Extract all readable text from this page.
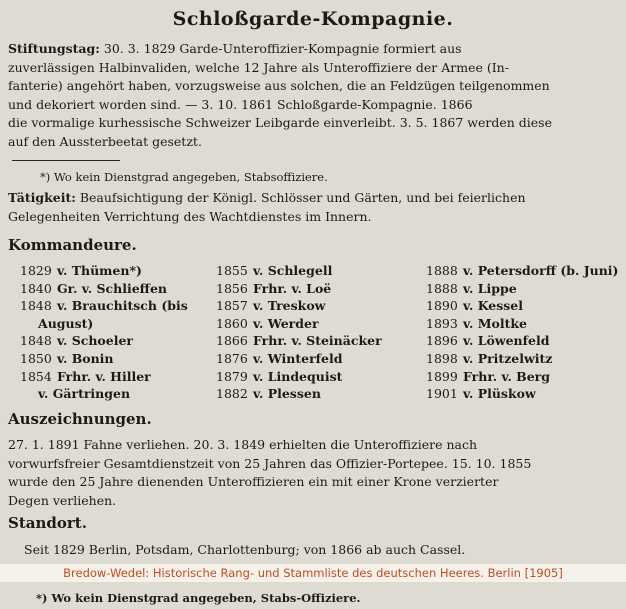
Schloßgarde-Kompagnie.
Stiftungstag: 30. 3. 1829 Garde-Unteroffizier-Kompagnie formiert aus
zuverlässigen Halbinvaliden, welche 12 Jahre als Unteroffiziere der Armee (In-
fanterie) angehört haben, vorzugsweise aus solchen, die an Feldzügen teilgenommen
und dekoriert worden sind. — 3. 10. 1861 Schloßgarde-Kompagnie. 1866
die vormalige kurhessische Schweizer Leibgarde einverleibt. 3. 5. 1867 werden diese
auf den Aussterbeetat gesetzt.
*) Wo kein Dienstgrad angegeben, Stabsoffiziere.
Tätigkeit: Beaufsichtigung der Königl. Schlösser und Gärten, und bei feierlichen
Gelegenheiten Verrichtung des Wachtdienstes im Innern.
Kommandeure.
1829 v. Thümen*)
1840 Gr. v. Schlieffen
1848 v. Brauchitsch (bis
August)
1848 v. Schoeler
1850 v. Bonin
1854 Frhr. v. Hiller
v. Gärtringen
1855 v. Schlegell
1856 Frhr. v. Loë
1857 v. Treskow
1860 v. Werder
1866 Frhr. v. Steinäcker
1876 v. Winterfeld
1879 v. Lindequist
1882 v. Plessen
1888 v. Petersdorff (b. Juni)
1888 v. Lippe
1890 v. Kessel
1893 v. Moltke
1896 v. Löwenfeld
1898 v. Pritzelwitz
1899 Frhr. v. Berg
1901 v. Plüskow
Auszeichnungen.
27. 1. 1891 Fahne verliehen. 20. 3. 1849 erhielten die Unteroffiziere nach
vorwurfsfreier Gesamtdienstzeit von 25 Jahren das Offizier-Portepee. 15. 10. 1855
wurde den 25 Jahre dienenden Unteroffizieren ein mit einer Krone verzierter
Degen verliehen.
Standort.
Seit 1829 Berlin, Potsdam, Charlottenburg; von 1866 ab auch Cassel.
Bredow-Wedel: Historische Rang- und Stammliste des deutschen Heeres. Berlin [1905]
*) Wo kein Dienstgrad angegeben, Stabs-Offiziere.
